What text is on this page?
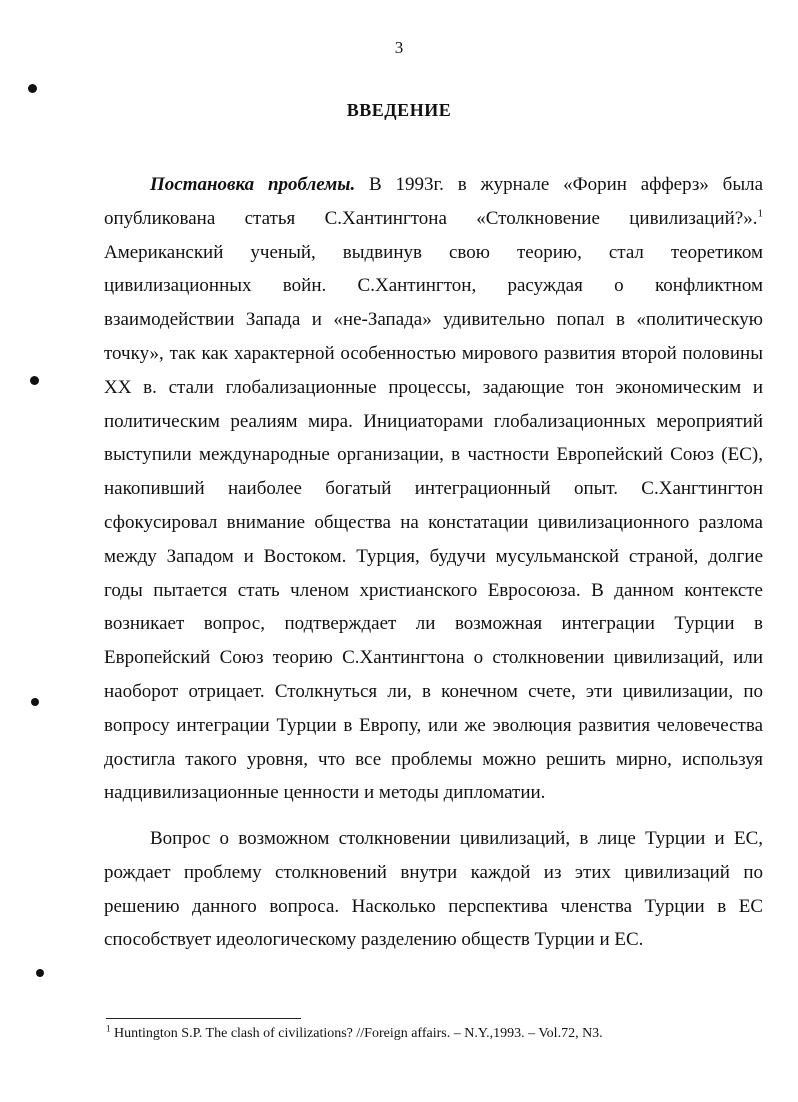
3
ВВЕДЕНИЕ

Постановка проблемы. В 1993г. в журнале «Форин афферз» была опубликована статья С.Хантингтона «Столкновение цивилизаций?».$^1$ Американский ученый, выдвинув свою теорию, стал теоретиком цивилизационных войн. С.Хантингтон, расуждая о конфликтном взаимодействии Запада и «не-Запада» удивительно попал в «политическую точку», так как характерной особенностью мирового развития второй половины XX в. стали глобализационные процессы, задающие тон экономическим и политическим реалиям мира. Инициаторами глобализационных мероприятий выступили международные организации, в частности Европейский Союз (ЕС), накопивший наиболее богатый интеграционный опыт. С.Хангтингтон сфокусировал внимание общества на констатации цивилизационного разлома между Западом и Востоком. Турция, будучи мусульманской страной, долгие годы пытается стать членом христианского Евросоюза. В данном контексте возникает вопрос, подтверждает ли возможная интеграции Турции в Европейский Союз теорию С.Хантингтона о столкновении цивилизаций, или наоборот отрицает. Столкнуться ли, в конечном счете, эти цивилизации, по вопросу интеграции Турции в Европу, или же эволюция развития человечества достигла такого уровня, что все проблемы можно решить мирно, используя надцивилизационные ценности и методы дипломатии.

Вопрос о возможном столкновении цивилизаций, в лице Турции и ЕС, рождает проблему столкновений внутри каждой из этих цивилизаций по решению данного вопроса. Насколько перспектива членства Турции в ЕС способствует идеологическому разделению обществ Турции и ЕС.

$^1$ Huntington S.P. The clash of civilizations? //Foreign affairs. – N.Y.,1993. – Vol.72, N3.
